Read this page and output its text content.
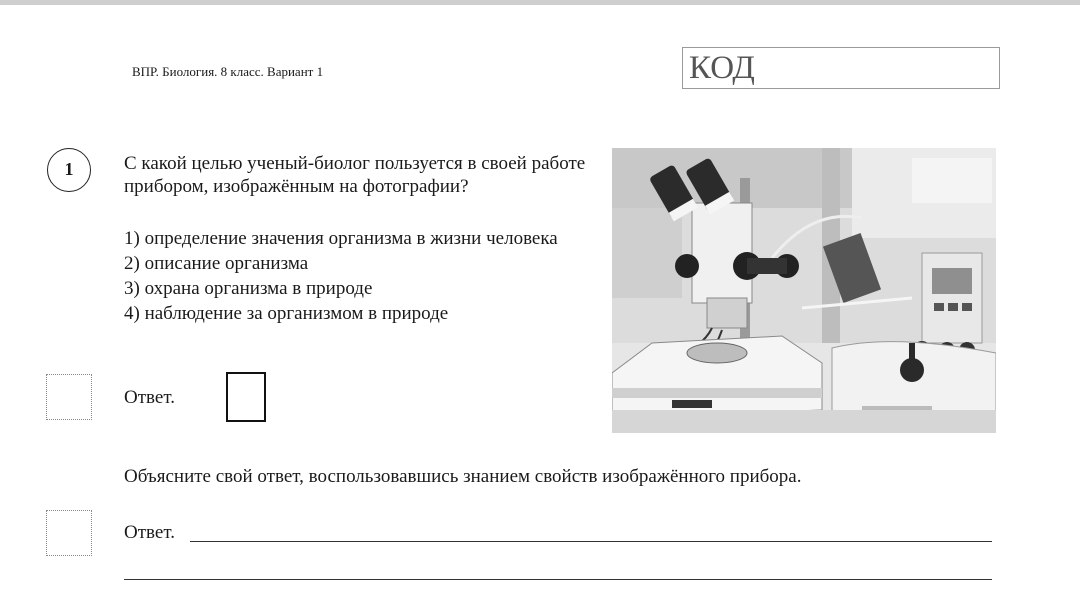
ВПР. Биология. 8 класс. Вариант 1	КОД
1	С какой целью ученый-биолог пользуется в своей работе прибором, изображённым на фотографии?
1) определение значения организма в жизни человека
2) описание организма
3) охрана организма в природе
4) наблюдение за организмом в природе
Ответ.
Объясните свой ответ, воспользовавшись знанием свойств изображённого прибора.
Ответ.
